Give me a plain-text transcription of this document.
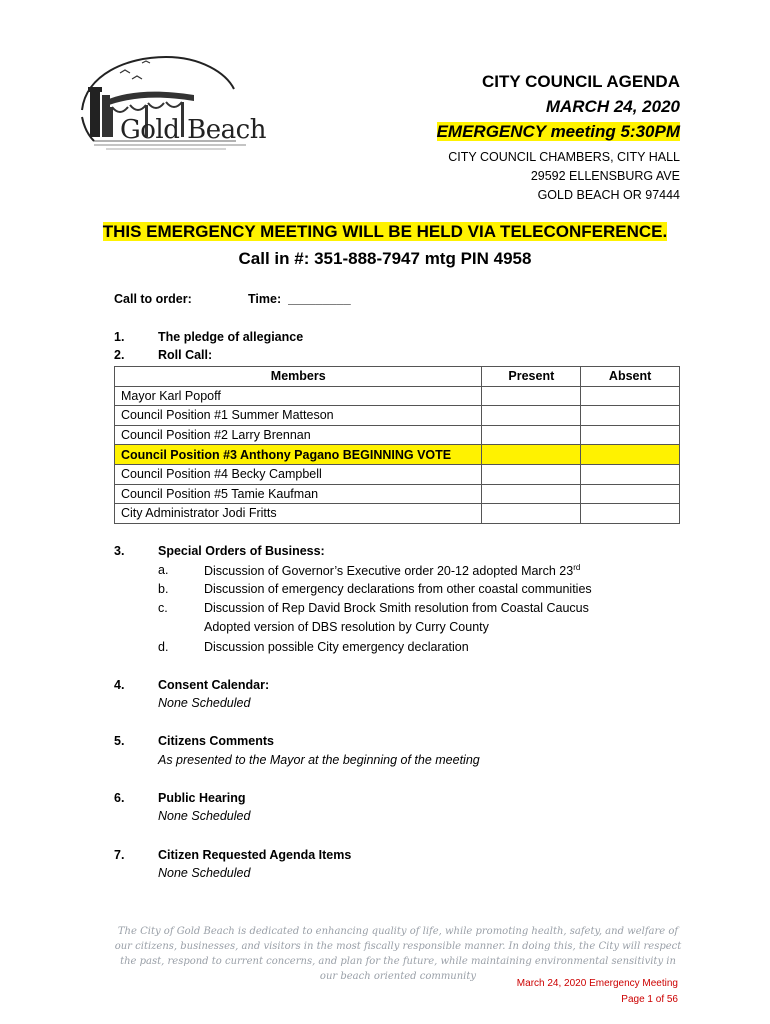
Gold Beach
CITY COUNCIL AGENDA
MARCH 24, 2020
EMERGENCY meeting 5:30PM
CITY COUNCIL CHAMBERS, CITY HALL
29592 ELLENSBURG AVE
GOLD BEACH OR 97444
THIS EMERGENCY MEETING WILL BE HELD VIA TELECONFERENCE.
Call in #: 351-888-7947 mtg PIN 4958
Call to order:	Time: _________
1.	The pledge of allegiance
2.	Roll Call:
Members	Present	Absent
Mayor Karl Popoff		
Council Position #1 Summer Matteson		
Council Position #2 Larry Brennan		
Council Position #3 Anthony Pagano BEGINNING VOTE		
Council Position #4 Becky Campbell		
Council Position #5 Tamie Kaufman		
City Administrator Jodi Fritts		
3.	Special Orders of Business:
a.	Discussion of Governor’s Executive order 20-12 adopted March 23rd
b.	Discussion of emergency declarations from other coastal communities
c.	Discussion of Rep David Brock Smith resolution from Coastal Caucus
Adopted version of DBS resolution by Curry County
d.	Discussion possible City emergency declaration
4.	Consent Calendar:
None Scheduled
5.	Citizens Comments
As presented to the Mayor at the beginning of the meeting
6.	Public Hearing
None Scheduled
7.	Citizen Requested Agenda Items
None Scheduled
The City of Gold Beach is dedicated to enhancing quality of life, while promoting health, safety, and welfare of
our citizens, businesses, and visitors in the most fiscally responsible manner. In doing this, the City will respect
the past, respond to current concerns, and plan for the future, while maintaining environmental sensitivity in
our beach oriented community
March 24, 2020 Emergency Meeting
Page 1 of 56
